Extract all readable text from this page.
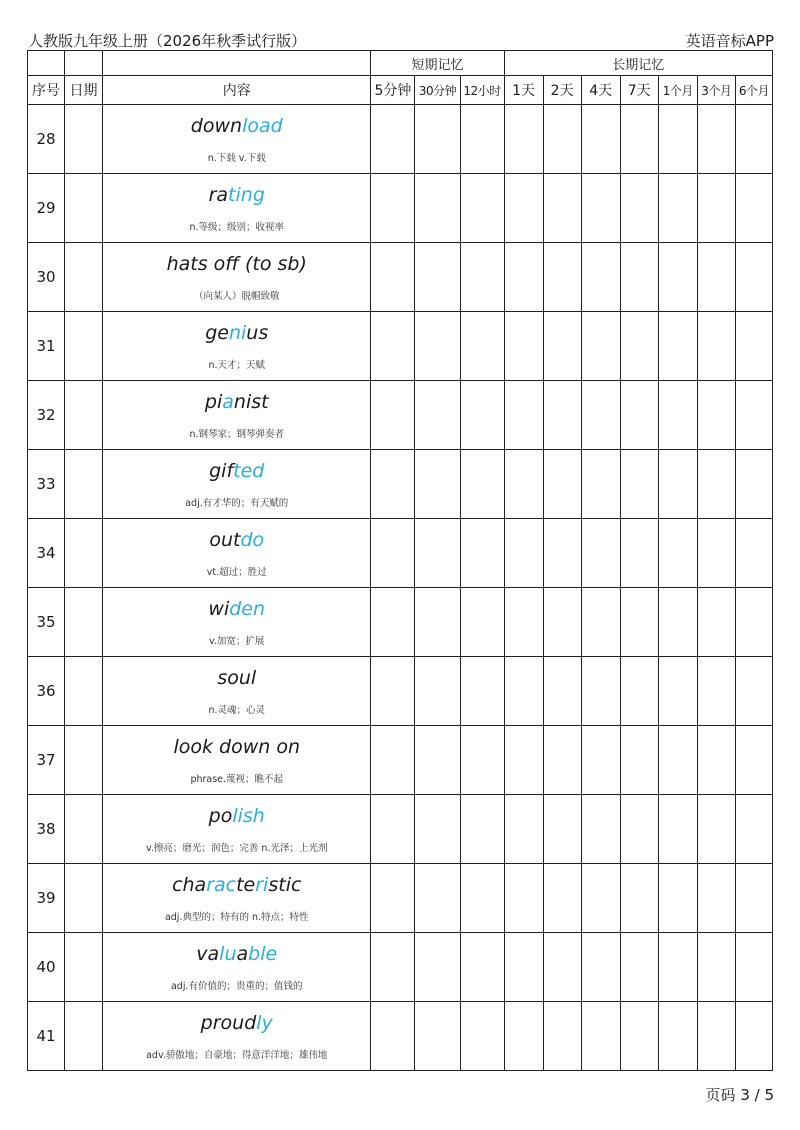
人教版九年级上册（2026年秋季试行版）	英语音标APP
			短期记忆			长期记忆						
序号	日期	内容	5分钟	30分钟	12小时	1天	2天	4天	7天	1个月	3个月	6个月
28		download
n.下载 v.下载										

29		rating
n.等级；级别；收视率										

30		hats off (to sb)
（向某人）脱帽致敬										

31		genius
n.天才；天赋										

32		pianist
n.钢琴家；钢琴弹奏者										

33		gifted
adj.有才华的；有天赋的										

34		outdo
vt.超过；胜过										

35		widen
v.加宽；扩展										

36		soul
n.灵魂；心灵										

37		look down on
phrase.蔑视；瞧不起										

38		polish
v.擦亮；磨光；润色；完善 n.光泽；上光剂										

39		characteristic
adj.典型的；特有的 n.特点；特性										

40		valuable
adj.有价值的；贵重的；值钱的										

41		proudly
adv.骄傲地；自豪地；得意洋洋地；雄伟地										

页码 3 / 5
